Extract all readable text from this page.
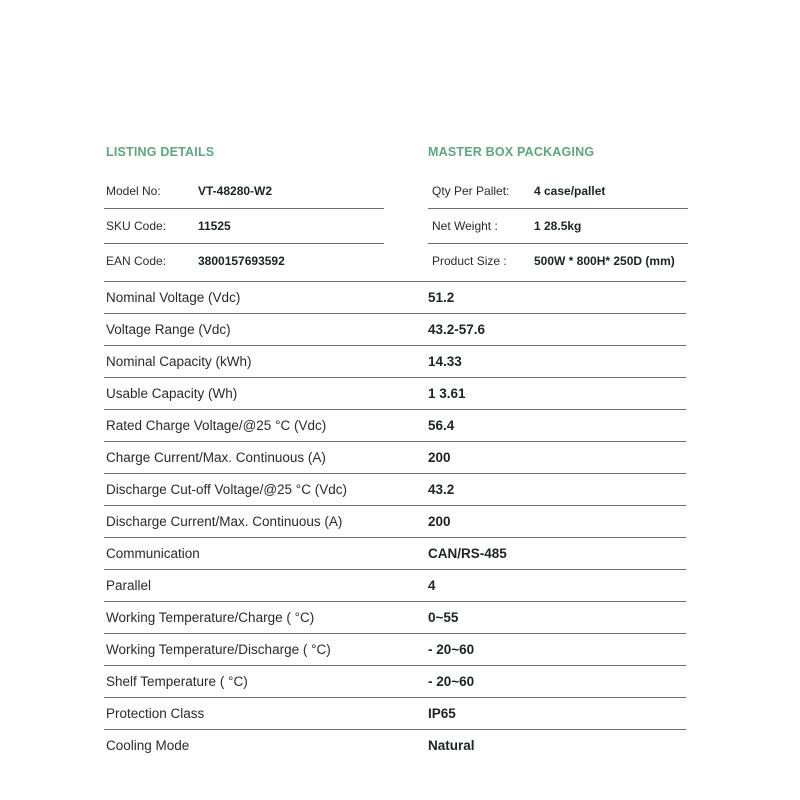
LISTING DETAILS	MASTER BOX PACKAGING
Model No:	VT-48280-W2
SKU Code:	11525
EAN Code:	3800157693592
Qty Per Pallet:	4 case/pallet
Net Weight :	1 28.5kg
Product Size :	500W * 800H* 250D (mm)
Nominal Voltage (Vdc)	51.2
Voltage Range (Vdc)	43.2-57.6
Nominal Capacity (kWh)	14.33
Usable Capacity (Wh)	1 3.61
Rated Charge Voltage/@25 °C (Vdc)	56.4
Charge Current/Max. Continuous (A)	200
Discharge Cut-off Voltage/@25 °C (Vdc)	43.2
Discharge Current/Max. Continuous (A)	200
Communication	CAN/RS-485
Parallel	4
Working Temperature/Charge ( °C)	0~55
Working Temperature/Discharge ( °C)	- 20~60
Shelf Temperature ( °C)	- 20~60
Protection Class	IP65
Cooling Mode	Natural
